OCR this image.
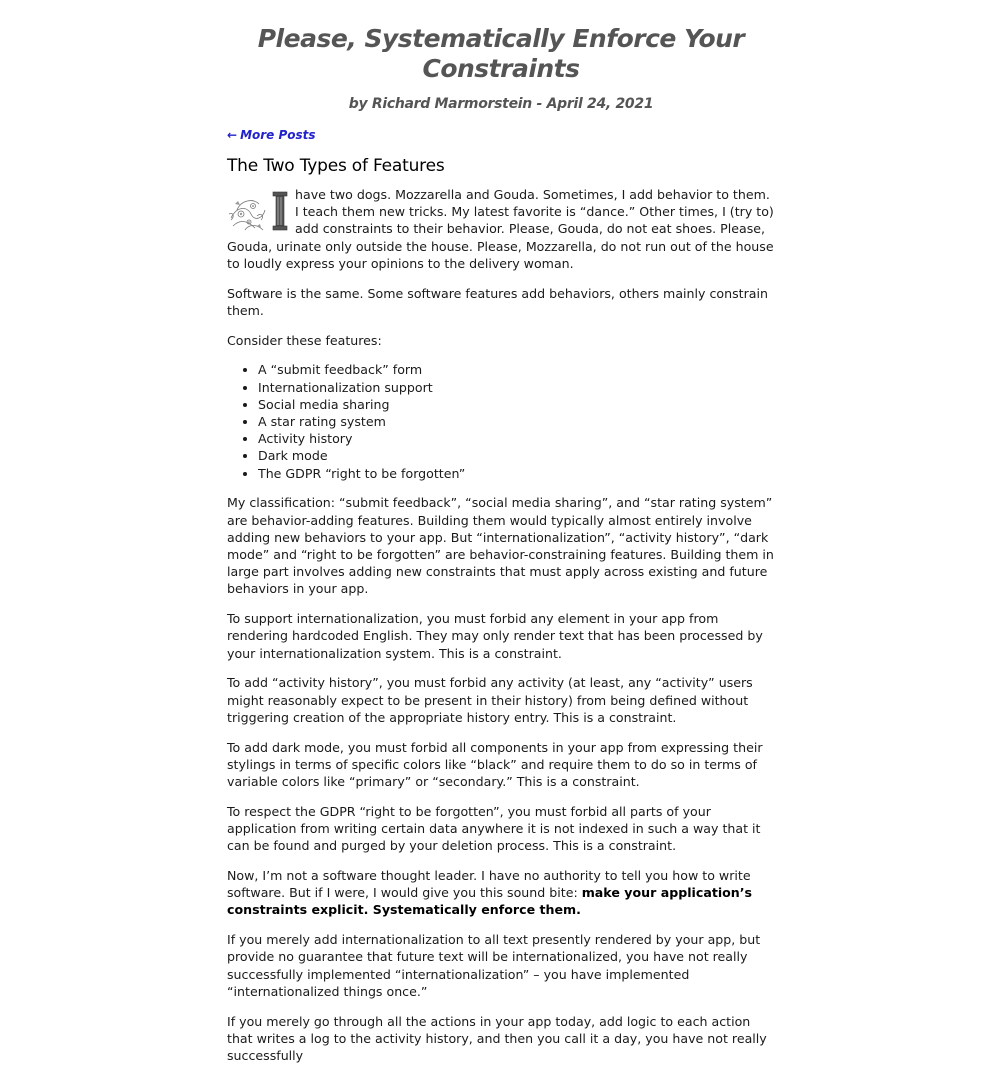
Please, Systematically Enforce Your Constraints
by Richard Marmorstein - April 24, 2021
← More Posts
The Two Types of Features

have two dogs. Mozzarella and Gouda. Sometimes, I add behavior to them. I teach them new tricks. My latest favorite is “dance.” Other times, I (try to) add constraints to their behavior. Please, Gouda, do not eat shoes. Please, Gouda, urinate only outside the house. Please, Mozzarella, do not run out of the house to loudly express your opinions to the delivery woman.

Software is the same. Some software features add behaviors, others mainly constrain them.

Consider these features:

• A “submit feedback” form
• Internationalization support
• Social media sharing
• A star rating system
• Activity history
• Dark mode
• The GDPR “right to be forgotten”

My classification: “submit feedback”, “social media sharing”, and “star rating system” are behavior-adding features. Building them would typically almost entirely involve adding new behaviors to your app. But “internationalization”, “activity history”, “dark mode” and “right to be forgotten” are behavior-constraining features. Building them in large part involves adding new constraints that must apply across existing and future behaviors in your app.

To support internationalization, you must forbid any element in your app from rendering hardcoded English. They may only render text that has been processed by your internationalization system. This is a constraint.

To add “activity history”, you must forbid any activity (at least, any “activity” users might reasonably expect to be present in their history) from being defined without triggering creation of the appropriate history entry. This is a constraint.

To add dark mode, you must forbid all components in your app from expressing their stylings in terms of specific colors like “black” and require them to do so in terms of variable colors like “primary” or “secondary.” This is a constraint.

To respect the GDPR “right to be forgotten”, you must forbid all parts of your application from writing certain data anywhere it is not indexed in such a way that it can be found and purged by your deletion process. This is a constraint.

Now, I’m not a software thought leader. I have no authority to tell you how to write software. But if I were, I would give you this sound bite: make your application’s constraints explicit. Systematically enforce them.

If you merely add internationalization to all text presently rendered by your app, but provide no guarantee that future text will be internationalized, you have not really successfully implemented “internationalization” – you have implemented “internationalized things once.”

If you merely go through all the actions in your app today, add logic to each action that writes a log to the activity history, and then you call it a day, you have not really successfully
